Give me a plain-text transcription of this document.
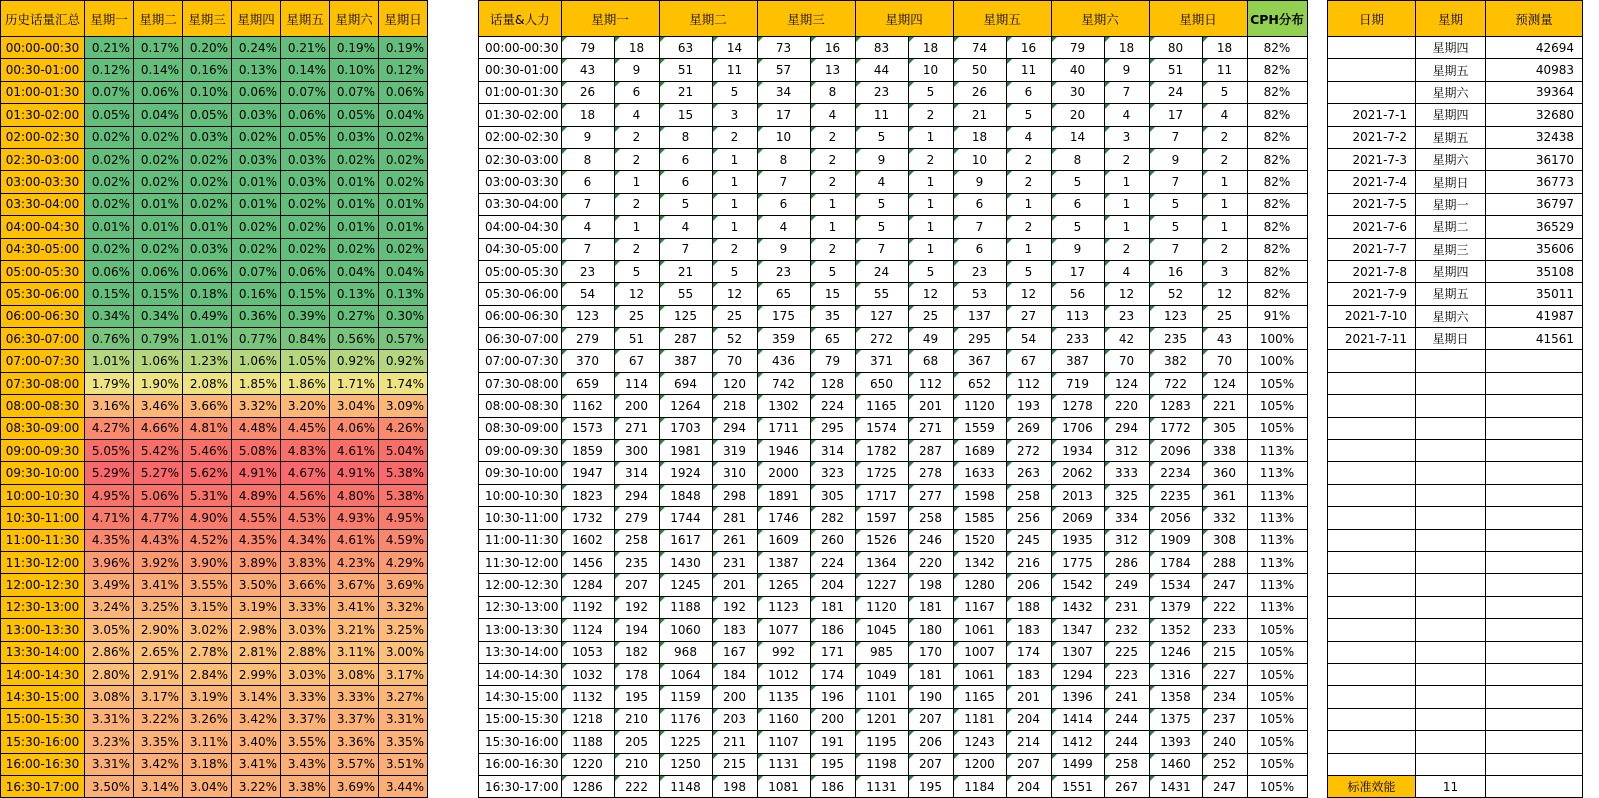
历史话量汇总	星期一	星期二	星期三	星期四	星期五	星期六	星期日
00:00-00:30	0.21%	0.17%	0.20%	0.24%	0.21%	0.19%	0.19%
00:30-01:00	0.12%	0.14%	0.16%	0.13%	0.14%	0.10%	0.12%
01:00-01:30	0.07%	0.06%	0.10%	0.06%	0.07%	0.07%	0.06%
01:30-02:00	0.05%	0.04%	0.05%	0.03%	0.06%	0.05%	0.04%
02:00-02:30	0.02%	0.02%	0.03%	0.02%	0.05%	0.03%	0.02%
02:30-03:00	0.02%	0.02%	0.02%	0.03%	0.03%	0.02%	0.02%
03:00-03:30	0.02%	0.02%	0.02%	0.01%	0.03%	0.01%	0.02%
03:30-04:00	0.02%	0.01%	0.02%	0.01%	0.02%	0.01%	0.01%
04:00-04:30	0.01%	0.01%	0.01%	0.02%	0.02%	0.01%	0.01%
04:30-05:00	0.02%	0.02%	0.03%	0.02%	0.02%	0.02%	0.02%
05:00-05:30	0.06%	0.06%	0.06%	0.07%	0.06%	0.04%	0.04%
05:30-06:00	0.15%	0.15%	0.18%	0.16%	0.15%	0.13%	0.13%
06:00-06:30	0.34%	0.34%	0.49%	0.36%	0.39%	0.27%	0.30%
06:30-07:00	0.76%	0.79%	1.01%	0.77%	0.84%	0.56%	0.57%
07:00-07:30	1.01%	1.06%	1.23%	1.06%	1.05%	0.92%	0.92%
07:30-08:00	1.79%	1.90%	2.08%	1.85%	1.86%	1.71%	1.74%
08:00-08:30	3.16%	3.46%	3.66%	3.32%	3.20%	3.04%	3.09%
08:30-09:00	4.27%	4.66%	4.81%	4.48%	4.45%	4.06%	4.26%
09:00-09:30	5.05%	5.42%	5.46%	5.08%	4.83%	4.61%	5.04%
09:30-10:00	5.29%	5.27%	5.62%	4.91%	4.67%	4.91%	5.38%
10:00-10:30	4.95%	5.06%	5.31%	4.89%	4.56%	4.80%	5.38%
10:30-11:00	4.71%	4.77%	4.90%	4.55%	4.53%	4.93%	4.95%
11:00-11:30	4.35%	4.43%	4.52%	4.35%	4.34%	4.61%	4.59%
11:30-12:00	3.96%	3.92%	3.90%	3.89%	3.83%	4.23%	4.29%
12:00-12:30	3.49%	3.41%	3.55%	3.50%	3.66%	3.67%	3.69%
12:30-13:00	3.24%	3.25%	3.15%	3.19%	3.33%	3.41%	3.32%
13:00-13:30	3.05%	2.90%	3.02%	2.98%	3.03%	3.21%	3.25%
13:30-14:00	2.86%	2.65%	2.78%	2.81%	2.88%	3.11%	3.00%
14:00-14:30	2.80%	2.91%	2.84%	2.99%	3.03%	3.08%	3.17%
14:30-15:00	3.08%	3.17%	3.19%	3.14%	3.33%	3.33%	3.27%
15:00-15:30	3.31%	3.22%	3.26%	3.42%	3.37%	3.37%	3.31%
15:30-16:00	3.23%	3.35%	3.11%	3.40%	3.55%	3.36%	3.35%
16:00-16:30	3.31%	3.42%	3.18%	3.41%	3.43%	3.57%	3.51%
16:30-17:00	3.50%	3.14%	3.04%	3.22%	3.38%	3.69%	3.44%
话量&人力	星期一		星期二		星期三		星期四		星期五		星期六		星期日		CPH分布
00:00-00:30	79	18	63	14	73	16	83	18	74	16	79	18	80	18	82%
00:30-01:00	43	9	51	11	57	13	44	10	50	11	40	9	51	11	82%
01:00-01:30	26	6	21	5	34	8	23	5	26	6	30	7	24	5	82%
01:30-02:00	18	4	15	3	17	4	11	2	21	5	20	4	17	4	82%
02:00-02:30	9	2	8	2	10	2	5	1	18	4	14	3	7	2	82%
02:30-03:00	8	2	6	1	8	2	9	2	10	2	8	2	9	2	82%
03:00-03:30	6	1	6	1	7	2	4	1	9	2	5	1	7	1	82%
03:30-04:00	7	2	5	1	6	1	5	1	6	1	6	1	5	1	82%
04:00-04:30	4	1	4	1	4	1	5	1	7	2	5	1	5	1	82%
04:30-05:00	7	2	7	2	9	2	7	1	6	1	9	2	7	2	82%
05:00-05:30	23	5	21	5	23	5	24	5	23	5	17	4	16	3	82%
05:30-06:00	54	12	55	12	65	15	55	12	53	12	56	12	52	12	82%
06:00-06:30	123	25	125	25	175	35	127	25	137	27	113	23	123	25	91%
06:30-07:00	279	51	287	52	359	65	272	49	295	54	233	42	235	43	100%
07:00-07:30	370	67	387	70	436	79	371	68	367	67	387	70	382	70	100%
07:30-08:00	659	114	694	120	742	128	650	112	652	112	719	124	722	124	105%
08:00-08:30	1162	200	1264	218	1302	224	1165	201	1120	193	1278	220	1283	221	105%
08:30-09:00	1573	271	1703	294	1711	295	1574	271	1559	269	1706	294	1772	305	105%
09:00-09:30	1859	300	1981	319	1946	314	1782	287	1689	272	1934	312	2096	338	113%
09:30-10:00	1947	314	1924	310	2000	323	1725	278	1633	263	2062	333	2234	360	113%
10:00-10:30	1823	294	1848	298	1891	305	1717	277	1598	258	2013	325	2235	361	113%
10:30-11:00	1732	279	1744	281	1746	282	1597	258	1585	256	2069	334	2056	332	113%
11:00-11:30	1602	258	1617	261	1609	260	1526	246	1520	245	1935	312	1909	308	113%
11:30-12:00	1456	235	1430	231	1387	224	1364	220	1342	216	1775	286	1784	288	113%
12:00-12:30	1284	207	1245	201	1265	204	1227	198	1280	206	1542	249	1534	247	113%
12:30-13:00	1192	192	1188	192	1123	181	1120	181	1167	188	1432	231	1379	222	113%
13:00-13:30	1124	194	1060	183	1077	186	1045	180	1061	183	1347	232	1352	233	105%
13:30-14:00	1053	182	968	167	992	171	985	170	1007	174	1307	225	1246	215	105%
14:00-14:30	1032	178	1064	184	1012	174	1049	181	1061	183	1294	223	1316	227	105%
14:30-15:00	1132	195	1159	200	1135	196	1101	190	1165	201	1396	241	1358	234	105%
15:00-15:30	1218	210	1176	203	1160	200	1201	207	1181	204	1414	244	1375	237	105%
15:30-16:00	1188	205	1225	211	1107	191	1195	206	1243	214	1412	244	1393	240	105%
16:00-16:30	1220	210	1250	215	1131	195	1198	207	1200	207	1499	258	1460	252	105%
16:30-17:00	1286	222	1148	198	1081	186	1131	195	1184	204	1551	267	1431	247	105%
日期	星期	预测量
	星期四	42694
	星期五	40983
	星期六	39364
2021-7-1	星期四	32680
2021-7-2	星期五	32438
2021-7-3	星期六	36170
2021-7-4	星期日	36773
2021-7-5	星期一	36797
2021-7-6	星期二	36529
2021-7-7	星期三	35606
2021-7-8	星期四	35108
2021-7-9	星期五	35011
2021-7-10	星期六	41987
2021-7-11	星期日	41561

标准效能	11	
